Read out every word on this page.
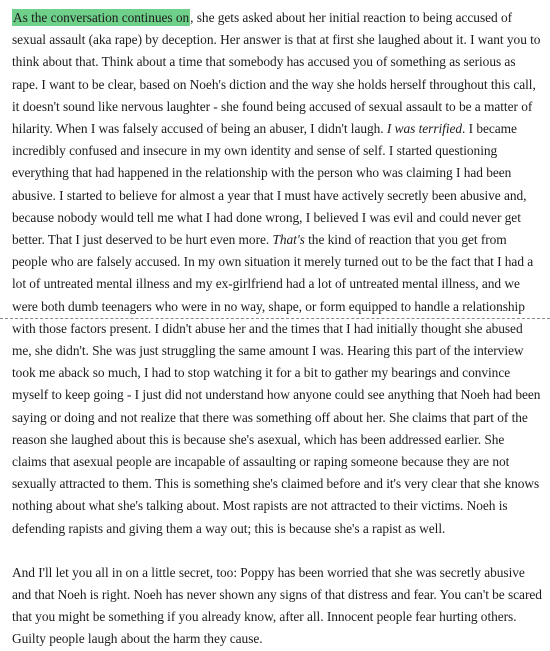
As the conversation continues on, she gets asked about her initial reaction to being accused of sexual assault (aka rape) by deception. Her answer is that at first she laughed about it. I want you to think about that. Think about a time that somebody has accused you of something as serious as rape. I want to be clear, based on Noeh's diction and the way she holds herself throughout this call, it doesn't sound like nervous laughter - she found being accused of sexual assault to be a matter of hilarity. When I was falsely accused of being an abuser, I didn't laugh. I was terrified. I became incredibly confused and insecure in my own identity and sense of self. I started questioning everything that had happened in the relationship with the person who was claiming I had been abusive. I started to believe for almost a year that I must have actively secretly been abusive and, because nobody would tell me what I had done wrong, I believed I was evil and could never get better. That I just deserved to be hurt even more. That's the kind of reaction that you get from people who are falsely accused. In my own situation it merely turned out to be the fact that I had a lot of untreated mental illness and my ex-girlfriend had a lot of untreated mental illness, and we were both dumb teenagers who were in no way, shape, or form equipped to handle a relationship with those factors present. I didn't abuse her and the times that I had initially thought she abused me, she didn't. She was just struggling the same amount I was. Hearing this part of the interview took me aback so much, I had to stop watching it for a bit to gather my bearings and convince myself to keep going - I just did not understand how anyone could see anything that Noeh had been saying or doing and not realize that there was something off about her. She claims that part of the reason she laughed about this is because she's asexual, which has been addressed earlier. She claims that asexual people are incapable of assaulting or raping someone because they are not sexually attracted to them. This is something she's claimed before and it's very clear that she knows nothing about what she's talking about. Most rapists are not attracted to their victims. Noeh is defending rapists and giving them a way out; this is because she's a rapist as well.

And I'll let you all in on a little secret, too: Poppy has been worried that she was secretly abusive and that Noeh is right. Noeh has never shown any signs of that distress and fear. You can't be scared that you might be something if you already know, after all. Innocent people fear hurting others. Guilty people laugh about the harm they cause.
